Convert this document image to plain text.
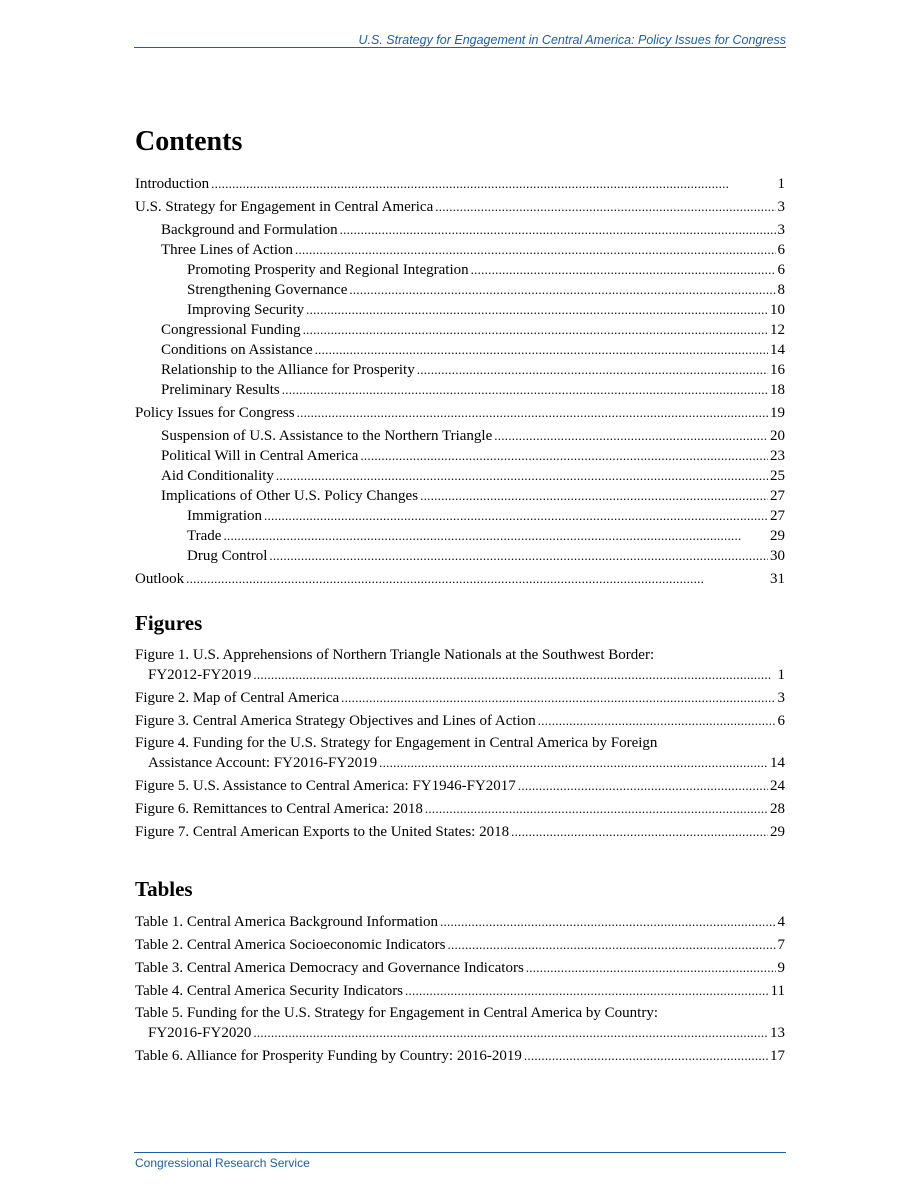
U.S. Strategy for Engagement in Central America: Policy Issues for Congress
Contents
Introduction . . .	1
U.S. Strategy for Engagement in Central America . . .	3
Background and Formulation . . .	3
Three Lines of Action . . .	6
Promoting Prosperity and Regional Integration . . .	6
Strengthening Governance . . .	8
Improving Security . . .	10
Congressional Funding . . .	12
Conditions on Assistance . . .	14
Relationship to the Alliance for Prosperity . . .	16
Preliminary Results . . .	18
Policy Issues for Congress . . .	19
Suspension of U.S. Assistance to the Northern Triangle . . .	20
Political Will in Central America . . .	23
Aid Conditionality . . .	25
Implications of Other U.S. Policy Changes . . .	27
Immigration . . .	27
Trade . . .	29
Drug Control . . .	30
Outlook . . .	31
Figures
Figure 1. U.S. Apprehensions of Northern Triangle Nationals at the Southwest Border:
FY2012-FY2019 . . .	1
Figure 2. Map of Central America . . .	3
Figure 3. Central America Strategy Objectives and Lines of Action . . .	6
Figure 4. Funding for the U.S. Strategy for Engagement in Central America by Foreign
Assistance Account: FY2016-FY2019 . . .	14
Figure 5. U.S. Assistance to Central America: FY1946-FY2017 . . .	24
Figure 6. Remittances to Central America: 2018 . . .	28
Figure 7. Central American Exports to the United States: 2018 . . .	29
Tables
Table 1. Central America Background Information . . .	4
Table 2. Central America Socioeconomic Indicators . . .	7
Table 3. Central America Democracy and Governance Indicators . . .	9
Table 4. Central America Security Indicators . . .	11
Table 5. Funding for the U.S. Strategy for Engagement in Central America by Country:
FY2016-FY2020 . . .	13
Table 6. Alliance for Prosperity Funding by Country: 2016-2019 . . .	17
Congressional Research Service
